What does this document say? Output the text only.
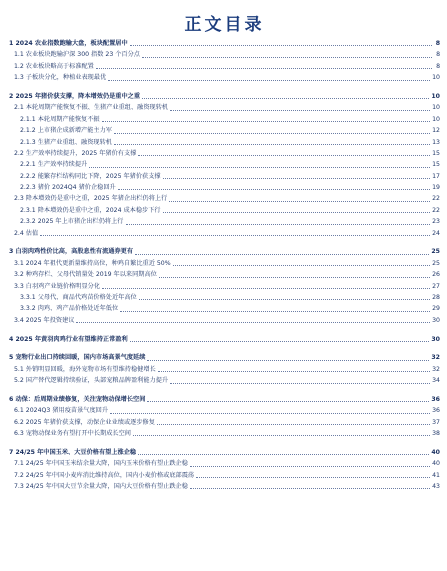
正文目录
1 2024 农业指数跑输大盘，板块配置居中	8
1.1 农业板块跑输沪深 300 指数 23 个百分点	8
1.2 农业板块略高于标准配置	8
1.3 子板块分化，种植业表现最优	10
2 2025 年猪价获支撑，降本增效仍是重中之重	10
2.1 本轮周期产能恢复不振、生猪产业重组、融资现转机	10
2.1.1 本轮周期产能恢复不振	10
2.1.2 上市猪企成新增产能主力军	12
2.1.3 生猪产业重组、融资现转机	13
2.2 生产效率持续提升，2025 年猪价有支撑	15
2.2.1 生产效率持续提升	15
2.2.2 能繁存栏结构同比下降，2025 年猪价获支撑	17
2.2.3 猪价 2024Q4 猪价企稳回升	19
2.3 降本增效仍是重中之重，2025 年猪企出栏仍将上行	22
2.3.1 降本增效仍是重中之重，2024 成本稳步下行	22
2.3.2 2025 年上市猪企出栏仍将上行	23
2.4 估值	24
3 白羽肉鸡性价比高，高股息性有流通券更有	25
3.1 2024 年祖代更新量维持高位，种鸡自繁比重近 50%	25
3.2 种鸡存栏、父母代销量处 2019 年以来同期高位	26
3.3 白羽鸡产业链价格明显分化	27
3.3.1 父母代、商品代鸡苗价格处近年高位	28
3.3.2 肉鸡、鸡产品价格处近年低位	29
3.4 2025 年投资建议	30
4 2025 年黄羽肉鸡行业有望维持正常盈利	30
5 宠物行业出口持续回暖，国内市场高景气度延续	32
5.1 外销明显回暖，海外宠物市场有望维持稳健增长	32
5.2 国产替代逻辑持续验证，头部宠粮品牌盈利能力提升	34
6 动保：后周期业绩修复，关注宠物动保增长空间	36
6.1 2024Q3 猪用疫苗景气度回升	36
6.2 2025 年猪价获支撑，动保企业业绩或逐步修复	37
6.3 宠物动保业务有望打开中长期成长空间	38
7 24/25 年中国玉米、大豆价格有望上涨企稳	40
7.1 24/25 年中国玉米结余量大降，国内玉米价格有望止跌企稳	40
7.2 24/25 年中国小麦库消比维持高位，国内小麦价格或底部震荡	41
7.3 24/25 年中国大豆节余量大降，国内大豆价格有望止跌企稳	43
